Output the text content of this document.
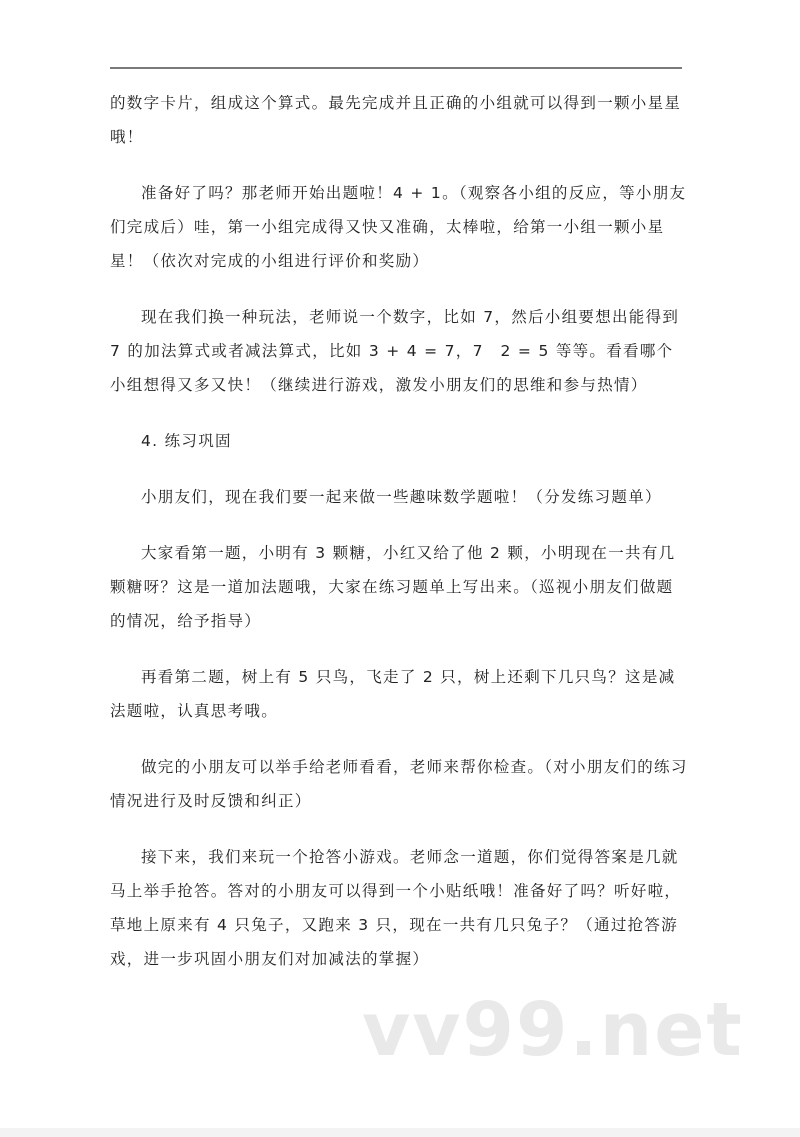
的数字卡片，组成这个算式。最先完成并且正确的小组就可以得到一颗小星星哦！

准备好了吗？那老师开始出题啦！4 + 1。（观察各小组的反应，等小朋友们完成后）哇，第一小组完成得又快又准确，太棒啦，给第一小组一颗小星星！（依次对完成的小组进行评价和奖励）

现在我们换一种玩法，老师说一个数字，比如 7，然后小组要想出能得到 7 的加法算式或者减法算式，比如 3 + 4 = 7，7　2 = 5 等等。看看哪个小组想得又多又快！（继续进行游戏，激发小朋友们的思维和参与热情）

4. 练习巩固

小朋友们，现在我们要一起来做一些趣味数学题啦！（分发练习题单）

大家看第一题，小明有 3 颗糖，小红又给了他 2 颗，小明现在一共有几颗糖呀？这是一道加法题哦，大家在练习题单上写出来。（巡视小朋友们做题的情况，给予指导）

再看第二题，树上有 5 只鸟，飞走了 2 只，树上还剩下几只鸟？这是减法题啦，认真思考哦。

做完的小朋友可以举手给老师看看，老师来帮你检查。（对小朋友们的练习情况进行及时反馈和纠正）

接下来，我们来玩一个抢答小游戏。老师念一道题，你们觉得答案是几就马上举手抢答。答对的小朋友可以得到一个小贴纸哦！准备好了吗？听好啦，草地上原来有 4 只兔子，又跑来 3 只，现在一共有几只兔子？（通过抢答游戏，进一步巩固小朋友们对加减法的掌握）

vv99.net
